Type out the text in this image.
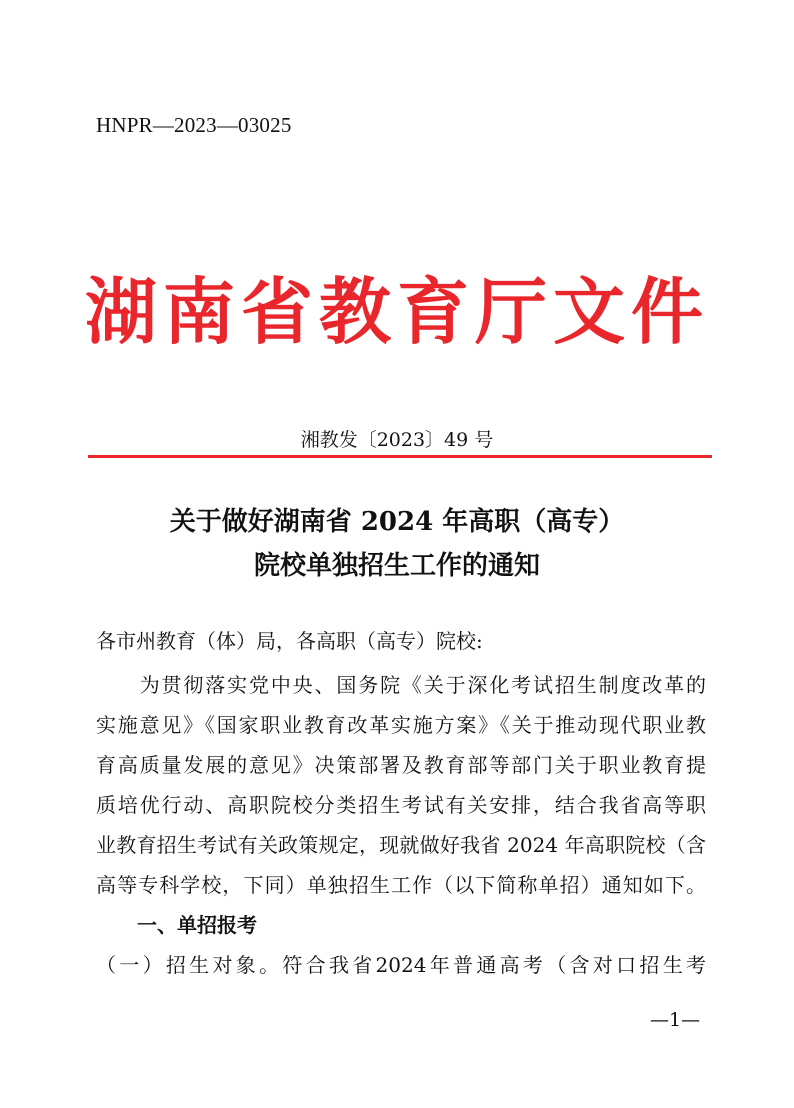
HNPR—2023—03025
湖南省教育厅文件
湘教发〔2023〕49 号
关于做好湖南省 2024 年高职（高专）
院校单独招生工作的通知
各市州教育（体）局，各高职（高专）院校:
　　为贯彻落实党中央、国务院《关于深化考试招生制度改革的
实施意见》《国家职业教育改革实施方案》《关于推动现代职业教
育高质量发展的意见》决策部署及教育部等部门关于职业教育提
质培优行动、高职院校分类招生考试有关安排，结合我省高等职
业教育招生考试有关政策规定，现就做好我省 2024 年高职院校（含
高等专科学校，下同）单独招生工作（以下简称单招）通知如下。
一、单招报考
（一）招生对象。符合我省2024年普通高考（含对口招生考
—1—
